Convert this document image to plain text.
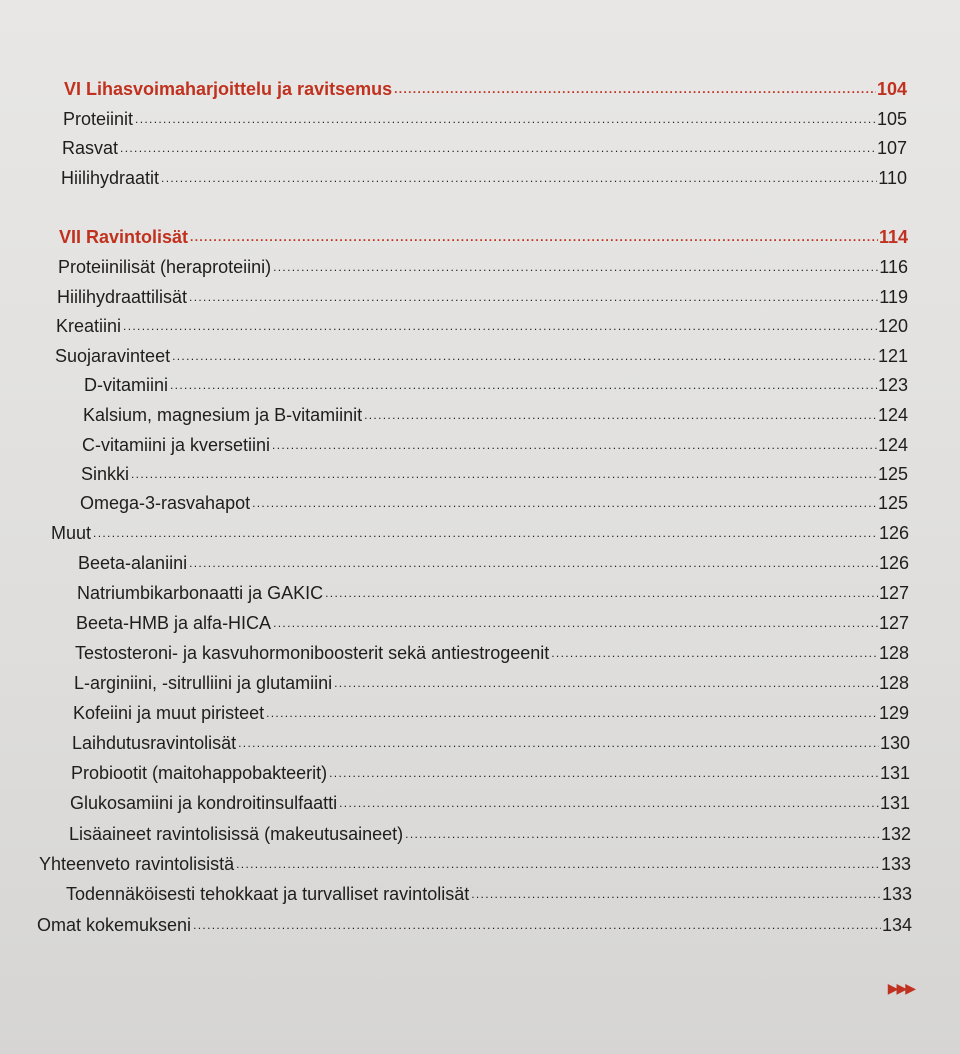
VI Lihasvoimaharjoittelu ja ravitsemus . . .	104
Proteiinit . . .	105
Rasvat . . .	107
Hiilihydraatit . . .	110
VII Ravintolisät . . .	114
Proteiinilisät (heraproteiini) . . .	116
Hiilihydraattilisät . . .	119
Kreatiini . . .	120
Suojaravinteet . . .	121
D-vitamiini . . .	123
Kalsium, magnesium ja B-vitamiinit . . .	124
C-vitamiini ja kversetiini . . .	124
Sinkki . . .	125
Omega-3-rasvahapot . . .	125
Muut . . .	126
Beeta-alaniini . . .	126
Natriumbikarbonaatti ja GAKIC . . .	127
Beeta-HMB ja alfa-HICA . . .	127
Testosteroni- ja kasvuhormoniboosterit sekä antiestrogeenit . . .	128
L-arginiini, -sitrulliini ja glutamiini . . .	128
Kofeiini ja muut piristeet . . .	129
Laihdutusravintolisät . . .	130
Probiootit (maitohappobakteerit) . . .	131
Glukosamiini ja kondroitinsulfaatti . . .	131
Lisäaineet ravintolisissä (makeutusaineet) . . .	132
Yhteenveto ravintolisistä . . .	133
Todennäköisesti tehokkaat ja turvalliset ravintolisät . . .	133
Omat kokemukseni . . .	134
▶▶▶
